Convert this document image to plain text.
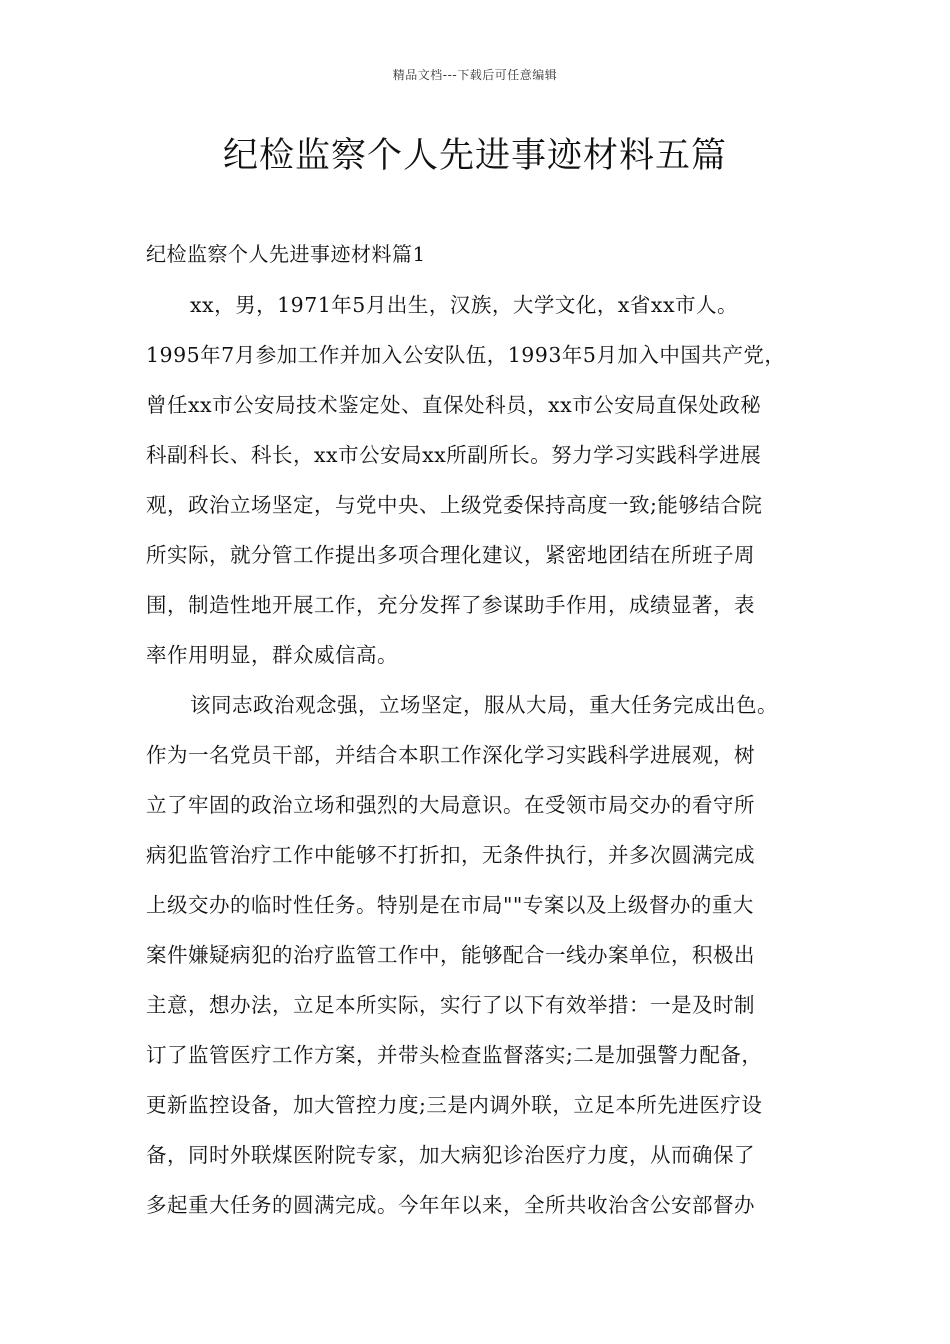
精品文档---下载后可任意编辑
纪检监察个人先进事迹材料五篇
纪检监察个人先进事迹材料篇1
xx，男，1971年5月出生，汉族，大学文化，x省xx市人。
1995年7月参加工作并加入公安队伍，1993年5月加入中国共产党，
曾任xx市公安局技术鉴定处、直保处科员，xx市公安局直保处政秘
科副科长、科长，xx市公安局xx所副所长。努力学习实践科学进展
观，政治立场坚定，与党中央、上级党委保持高度一致;能够结合院
所实际，就分管工作提出多项合理化建议，紧密地团结在所班子周
围，制造性地开展工作，充分发挥了参谋助手作用，成绩显著，表
率作用明显，群众威信高。
该同志政治观念强，立场坚定，服从大局，重大任务完成出色。
作为一名党员干部，并结合本职工作深化学习实践科学进展观，树
立了牢固的政治立场和强烈的大局意识。在受领市局交办的看守所
病犯监管治疗工作中能够不打折扣，无条件执行，并多次圆满完成
上级交办的临时性任务。特别是在市局""专案以及上级督办的重大
案件嫌疑病犯的治疗监管工作中，能够配合一线办案单位，积极出
主意，想办法，立足本所实际，实行了以下有效举措：一是及时制
订了监管医疗工作方案，并带头检查监督落实;二是加强警力配备，
更新监控设备，加大管控力度;三是内调外联，立足本所先进医疗设
备，同时外联煤医附院专家，加大病犯诊治医疗力度，从而确保了
多起重大任务的圆满完成。今年年以来，全所共收治含公安部督办
